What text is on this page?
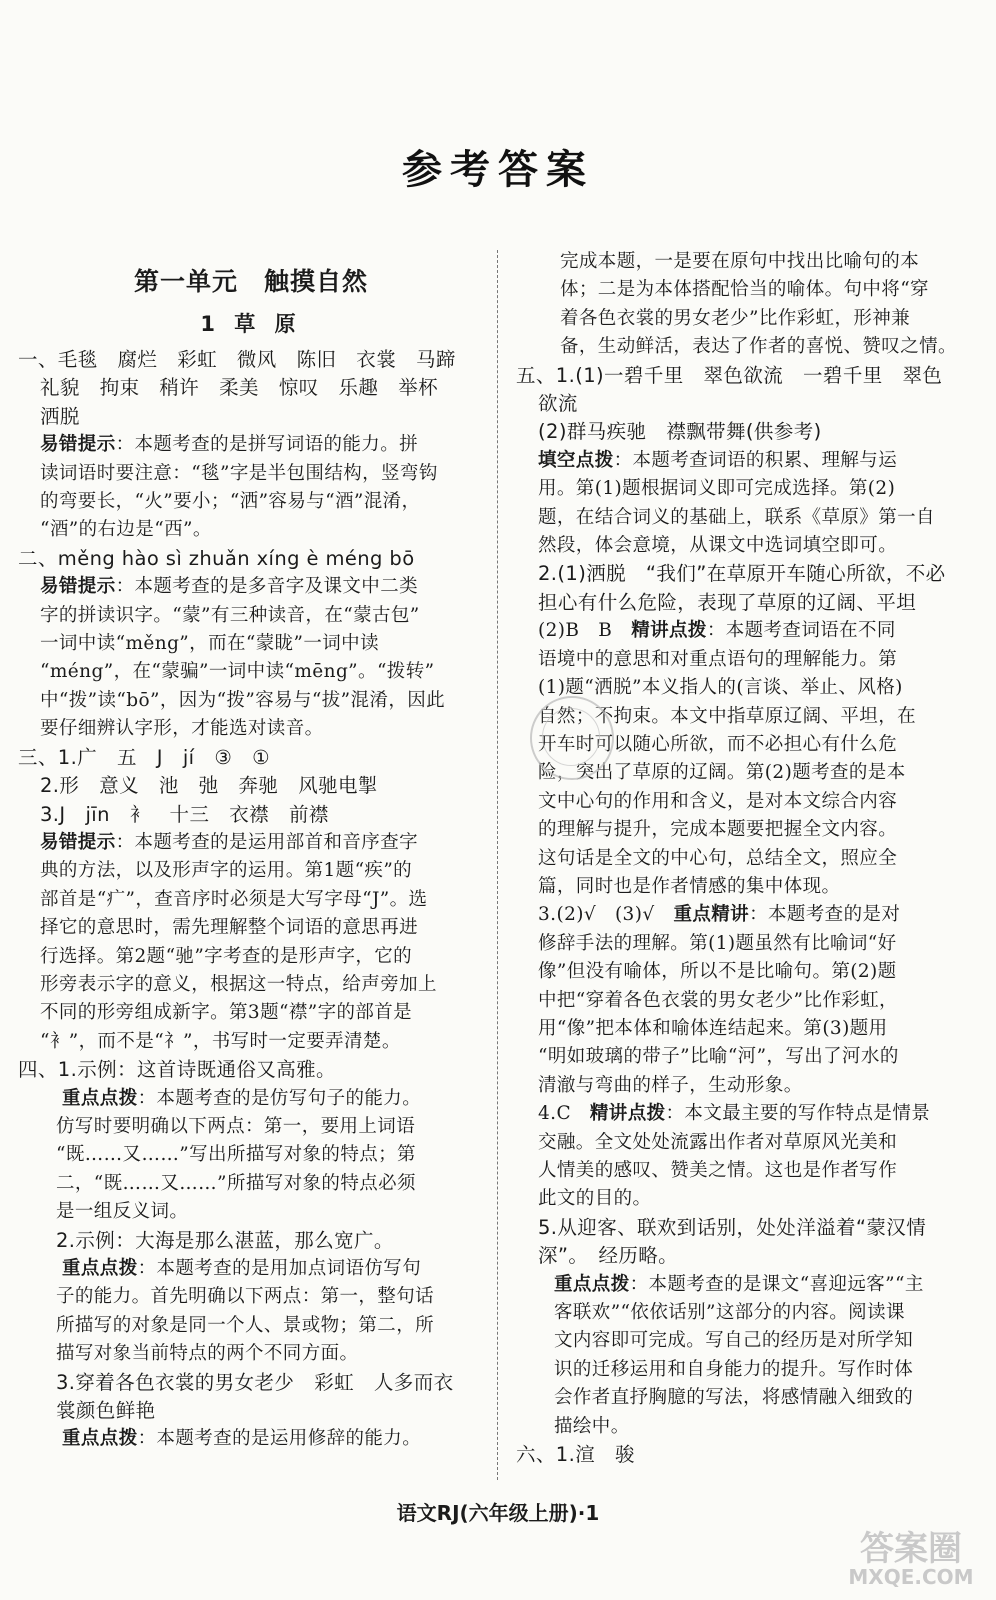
参考答案
第一单元　触摸自然
1 草 原
一、毛毯　腐烂　彩虹　微风　陈旧　衣裳　马蹄
礼貌　拘束　稍许　柔美　惊叹　乐趣　举杯
洒脱
易错提示：本题考查的是拼写词语的能力。拼
读词语时要注意：“毯”字是半包围结构，竖弯钩
的弯要长，“火”要小；“洒”容易与“酒”混淆，
“酒”的右边是“西”。
二、měng hào sì zhuǎn xíng è méng bō
易错提示：本题考查的是多音字及课文中二类
字的拼读识字。“蒙”有三种读音，在“蒙古包”
一词中读“měng”，而在“蒙眬”一词中读
“méng”，在“蒙骗”一词中读“mēng”。“拨转”
中“拨”读“bō”，因为“拨”容易与“拔”混淆，因此
要仔细辨认字形，才能选对读音。
三、1.广　五　J　jí　③　①
2.形　意义　池　弛　奔驰　风驰电掣
3.J　jīn　衤　十三　衣襟　前襟
易错提示：本题考查的是运用部首和音序查字
典的方法，以及形声字的运用。第1题“疾”的
部首是“疒”，查音序时必须是大写字母“J”。选
择它的意思时，需先理解整个词语的意思再进
行选择。第2题“驰”字考查的是形声字，它的
形旁表示字的意义，根据这一特点，给声旁加上
不同的形旁组成新字。第3题“襟”字的部首是
“衤”，而不是“礻”，书写时一定要弄清楚。
四、1.示例：这首诗既通俗又高雅。
重点点拨：本题考查的是仿写句子的能力。
仿写时要明确以下两点：第一，要用上词语
“既……又……”写出所描写对象的特点；第
二，“既……又……”所描写对象的特点必须
是一组反义词。
2.示例：大海是那么湛蓝，那么宽广。
重点点拨：本题考查的是用加点词语仿写句
子的能力。首先明确以下两点：第一，整句话
所描写的对象是同一个人、景或物；第二，所
描写对象当前特点的两个不同方面。
3.穿着各色衣裳的男女老少　彩虹　人多而衣
裳颜色鲜艳
重点点拨：本题考查的是运用修辞的能力。
完成本题，一是要在原句中找出比喻句的本
体；二是为本体搭配恰当的喻体。句中将“穿
着各色衣裳的男女老少”比作彩虹，形神兼
备，生动鲜活，表达了作者的喜悦、赞叹之情。
五、1.(1)一碧千里　翠色欲流　一碧千里　翠色
欲流
(2)群马疾驰　襟飘带舞(供参考)
填空点拨：本题考查词语的积累、理解与运
用。第(1)题根据词义即可完成选择。第(2)
题，在结合词义的基础上，联系《草原》第一自
然段，体会意境，从课文中选词填空即可。
2.(1)洒脱　“我们”在草原开车随心所欲，不必
担心有什么危险，表现了草原的辽阔、平坦
(2)B　B　精讲点拨：本题考查词语在不同
语境中的意思和对重点语句的理解能力。第
(1)题“洒脱”本义指人的(言谈、举止、风格)
自然；不拘束。本文中指草原辽阔、平坦，在
开车时可以随心所欲，而不必担心有什么危
险，突出了草原的辽阔。第(2)题考查的是本
文中心句的作用和含义，是对本文综合内容
的理解与提升，完成本题要把握全文内容。
这句话是全文的中心句，总结全文，照应全
篇，同时也是作者情感的集中体现。
3.(2)√　(3)√　重点精讲：本题考查的是对
修辞手法的理解。第(1)题虽然有比喻词“好
像”但没有喻体，所以不是比喻句。第(2)题
中把“穿着各色衣裳的男女老少”比作彩虹，
用“像”把本体和喻体连结起来。第(3)题用
“明如玻璃的带子”比喻“河”，写出了河水的
清澈与弯曲的样子，生动形象。
4.C　精讲点拨：本文最主要的写作特点是情景
交融。全文处处流露出作者对草原风光美和
人情美的感叹、赞美之情。这也是作者写作
此文的目的。
5.从迎客、联欢到话别，处处洋溢着“蒙汉情
深”。　经历略。
重点点拨：本题考查的是课文“喜迎远客”“主
客联欢”“依依话别”这部分的内容。阅读课
文内容即可完成。写自己的经历是对所学知
识的迁移运用和自身能力的提升。写作时体
会作者直抒胸臆的写法，将感情融入细致的
描绘中。
六、1.渲　骏
语文RJ(六年级上册)·1
答案圈
MXQE.COM
